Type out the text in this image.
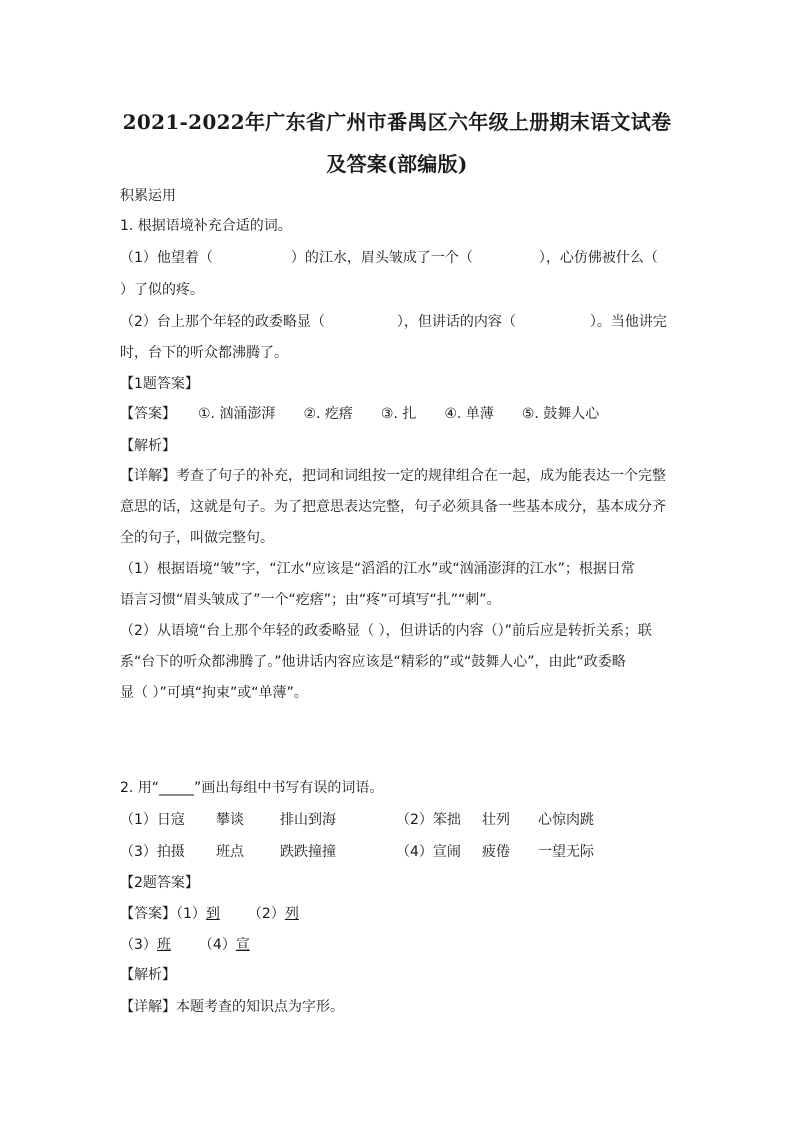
2021-2022年广东省广州市番禺区六年级上册期末语文试卷
及答案(部编版)
积累运用
1. 根据语境补充合适的词。
（1）他望着（	）的江水，眉头皱成了一个（	），心仿佛被什么（
）了似的疼。
（2）台上那个年轻的政委略显（	），但讲话的内容（	）。当他讲完
时，台下的听众都沸腾了。
【1题答案】
【答案】 ①. 汹涌澎湃 ②. 疙瘩 ③. 扎 ④. 单薄 ⑤. 鼓舞人心
【解析】
【详解】考查了句子的补充，把词和词组按一定的规律组合在一起，成为能表达一个完整
意思的话，这就是句子。为了把意思表达完整，句子必须具备一些基本成分，基本成分齐
全的句子，叫做完整句。
（1）根据语境“皱”字，“江水”应该是“滔滔的江水”或“汹涌澎湃的江水”；根据日常
语言习惯“眉头皱成了”一个“疙瘩”；由“疼”可填写“扎”“刺”。
（2）从语境“台上那个年轻的政委略显（ ），但讲话的内容（）”前后应是转折关系；联
系“台下的听众都沸腾了。”他讲话内容应该是“精彩的”或“鼓舞人心”，由此“政委略
显（ ）”可填“拘束”或“单薄”。
2. 用“_____”画出每组中书写有误的词语。
（1）日寇 攀谈	排山到海	（2）笨拙 壮列 心惊肉跳
（3）拍摄 班点	跌跌撞撞	（4）宣闹 疲倦 一望无际
【2题答案】
【答案】（1）到 （2）列
（3）班 （4）宣
【解析】
【详解】本题考查的知识点为字形。
